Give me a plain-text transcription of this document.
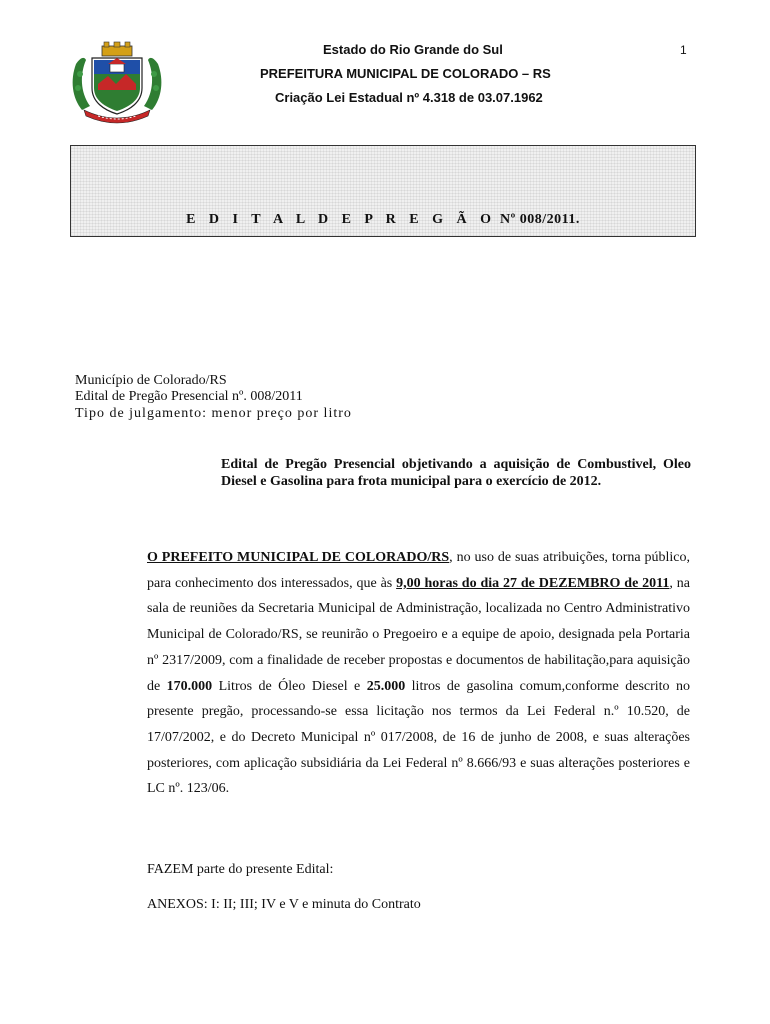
Estado do Rio Grande do Sul
PREFEITURA MUNICIPAL DE COLORADO – RS
Criação Lei Estadual nº 4.318 de 03.07.1962
1
E D I T A L D E P R E G Ã O Nº 008/2011.
Município de Colorado/RS
Edital de Pregão Presencial nº. 008/2011
Tipo de julgamento: menor preço por litro
Edital de Pregão Presencial objetivando a aquisição de Combustivel, Oleo Diesel e Gasolina para frota municipal para o exercício de 2012.
O PREFEITO MUNICIPAL DE COLORADO/RS, no uso de suas atribuições, torna público, para conhecimento dos interessados, que às 9,00 horas do dia 27 de DEZEMBRO de 2011, na sala de reuniões da Secretaria Municipal de Administração, localizada no Centro Administrativo Municipal de Colorado/RS, se reunirão o Pregoeiro e a equipe de apoio, designada pela Portaria nº 2317/2009, com a finalidade de receber propostas e documentos de habilitação,para aquisição de 170.000 Litros de Óleo Diesel e 25.000 litros de gasolina comum,conforme descrito no presente pregão, processando-se essa licitação nos termos da Lei Federal n.º 10.520, de 17/07/2002, e do Decreto Municipal nº 017/2008, de 16 de junho de 2008, e suas alterações posteriores, com aplicação subsidiária da Lei Federal nº 8.666/93 e suas alterações posteriores e LC nº. 123/06.
FAZEM parte do presente Edital:
ANEXOS: I: II; III; IV e V e minuta do Contrato
